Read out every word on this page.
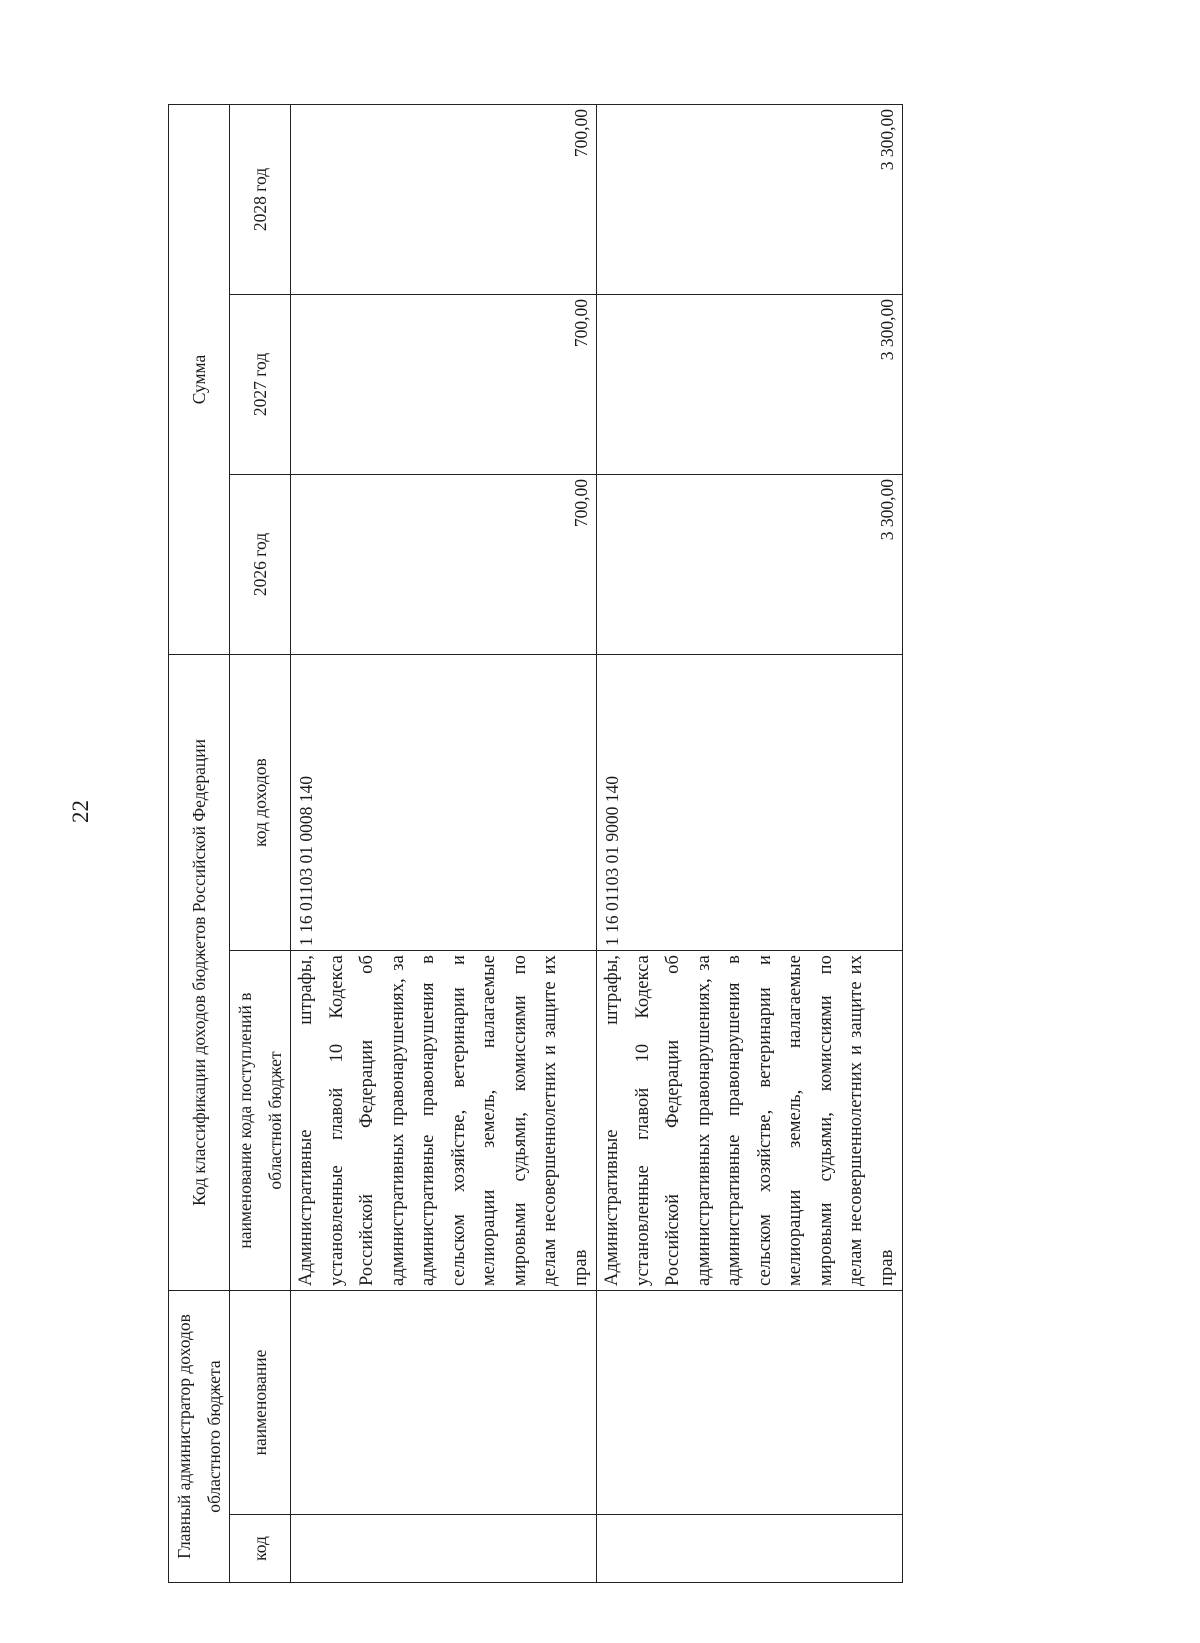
22
Главный администратор доходов областного бюджета		Код классификации доходов бюджетов Российской Федерации		Сумма		
код	наименование	наименование кода поступлений в областной бюджет	код доходов	2026 год	2027 год	2028 год

		Административные штрафы, установленные главой 10 Кодекса Российской Федерации об административных правонарушениях, за административные правонарушения в сельском хозяйстве, ветеринарии и мелиорации земель, налагаемые мировыми судьями, комиссиями по делам несовершеннолетних и защите их прав	1 16 01103 01 0008 140	700,00	700,00	700,00

		Административные штрафы, установленные главой 10 Кодекса Российской Федерации об административных правонарушениях, за административные правонарушения в сельском хозяйстве, ветеринарии и мелиорации земель, налагаемые мировыми судьями, комиссиями по делам несовершеннолетних и защите их прав	1 16 01103 01 9000 140	3 300,00	3 300,00	3 300,00
